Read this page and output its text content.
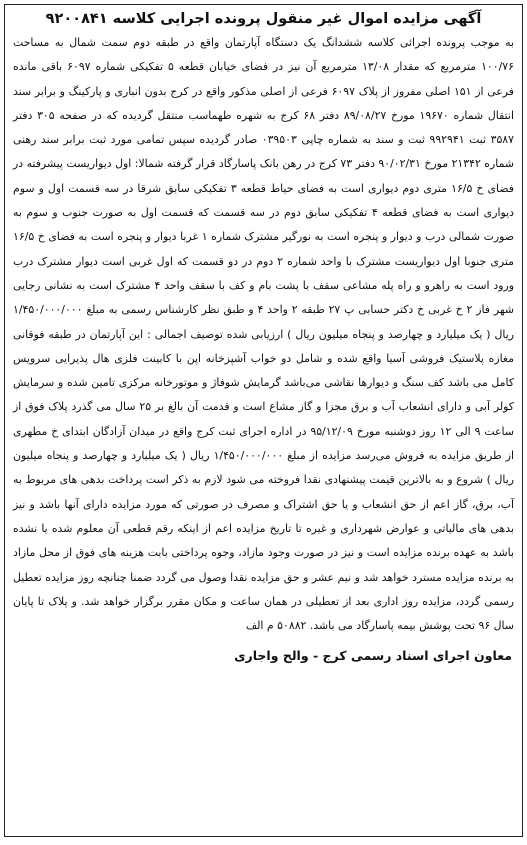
آگهی مزایده اموال غیر منقول پرونده اجرایی کلاسه ۹۲۰۰۸۴۱

به موجب پرونده اجرائی کلاسه ششدانگ یک دستگاه آپارتمان واقع در طبقه دوم سمت شمال به مساحت ۱۰۰/۷۶ مترمربع که مقدار ۱۳/۰۸ مترمربع آن نیز در فضای خیابان قطعه ۵ تفکیکی شماره ۶۰۹۷ باقی مانده فرعی از ۱۵۱ اصلی مفروز از پلاک ۶۰۹۷ فرعی از اصلی مذکور واقع در کرج بدون انباری و پارکینگ و برابر سند انتقال شماره ۱۹۶۷۰ مورخ ۸۹/۰۸/۲۷ دفتر ۶۸ کرج به شهره طهماسب منتقل گردیده که در صفحه ۳۰۵ دفتر ۳۵۸۷ ثبت ۹۹۲۹۴۱ ثبت و سند به شماره چاپی ۰۳۹۵۰۳ صادر گردیده سپس تمامی مورد ثبت برابر سند رهنی شماره ۲۱۳۴۲ مورخ ۹۰/۰۲/۳۱ دفتر ۷۳ کرج در رهن بانک پاسارگاد قرار گرفته شمالا: اول دیواریست پیشرفته در فضای خ ۱۶/۵ متری دوم دیواری است به فضای حیاط قطعه ۳ تفکیکی سابق شرقا در سه قسمت اول و سوم دیواری است به فضای قطعه ۴ تفکیکی سابق دوم در سه قسمت که قسمت اول به صورت جنوب و سوم به صورت شمالی درب و دیوار و پنجره است به نورگیر مشترک شماره ۱ غربا دیوار و پنجره است به فضای خ ۱۶/۵ متری جنوبا اول دیواریست مشترک با واحد شماره ۲ دوم در دو قسمت که اول غربی است دیوار مشترک درب ورود است به راهرو و راه پله مشاعی سقف با پشت بام و کف با سقف واحد ۴ مشترک است به نشانی رجایی شهر فاز ۲ خ غربی خ دکتر حسابی پ ۲۷ طبقه ۲ واحد ۴ و طبق نظر کارشناس رسمی به مبلغ ۱/۴۵۰/۰۰۰/۰۰۰ ریال ( یک میلیارد و چهارصد و پنجاه میلیون ریال ) ارزیابی شده توصیف اجمالی : این آپارتمان در طبقه فوقانی مغازه پلاستیک فروشی آسیا واقع شده و شامل دو خواب آشپزخانه اپن با کابینت فلزی هال پذیرایی سرویس کامل می باشد کف سنگ و دیوارها نقاشی می‌باشد گرمایش شوفاژ و موتورخانه مرکزی تامین شده و سرمایش کولر آبی و دارای انشعاب آب و برق مجزا و گاز مشاع است و قدمت آن بالغ بر ۲۵ سال می گذرد پلاک فوق از ساعت ۹ الی ۱۲ روز دوشنبه مورخ ۹۵/۱۲/۰۹ در اداره اجرای ثبت کرج واقع در میدان آزادگان ابتدای خ مطهری از طریق مزایده به فروش می‌رسد مزایده از مبلغ ۱/۴۵۰/۰۰۰/۰۰۰ ریال ( یک میلیارد و چهارصد و پنجاه میلیون ریال ) شروع و به بالاترین قیمت پیشنهادی نقدا فروخته می شود لازم به ذکر است پرداخت بدهی های مربوط به آب، برق، گاز اعم از حق انشعاب و یا حق اشتراک و مصرف در صورتی که مورد مزایده دارای آنها باشد و نیز بدهی های مالیاتی و عوارض شهرداری و غیره تا تاریخ مزایده اعم از اینکه رقم قطعی آن معلوم شده یا نشده باشد به عهده برنده مزایده است و نیز در صورت وجود مازاد، وجوه پرداختی بابت هزینه های فوق از محل مازاد به برنده مزایده مسترد خواهد شد و نیم عشر و حق مزایده نقدا وصول می گردد ضمنا چنانچه روز مزایده تعطیل رسمی گردد، مزایده روز اداری بعد از تعطیلی در همان ساعت و مکان مقرر برگزار خواهد شد. و پلاک تا پایان سال ۹۶ تحت پوشش بیمه پاسارگاد می باشد. ۵۰۸۸۲ م الف

معاون اجرای اسناد رسمی کرج - والح واجاری
